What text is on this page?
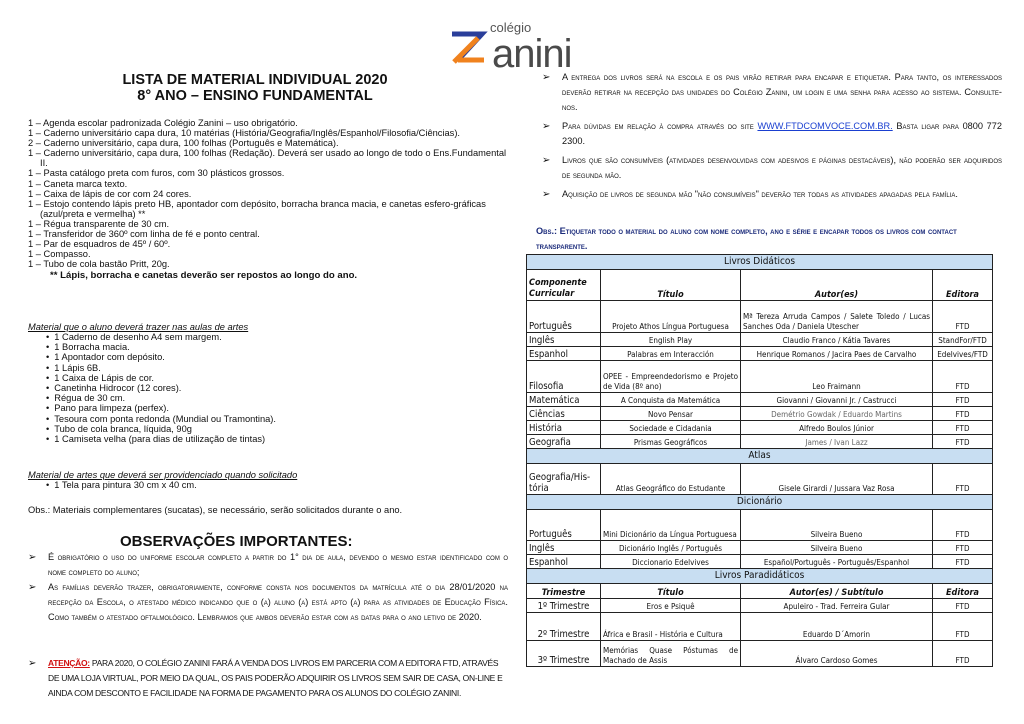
colégio
anini
LISTA DE MATERIAL INDIVIDUAL 2020
8° ANO – ENSINO FUNDAMENTAL
1 – Agenda escolar padronizada Colégio Zanini – uso obrigatório.
1 – Caderno universitário capa dura, 10 matérias (História/Geografia/Inglês/Espanhol/Filosofia/Ciências).
2 – Caderno universitário, capa dura, 100 folhas (Português e Matemática).
1 – Caderno universitário, capa dura, 100 folhas (Redação). Deverá ser usado ao longo de todo o Ens.Fundamental II.
1 – Pasta catálogo preta com furos, com 30 plásticos grossos.
1 – Caneta marca texto.
1 – Caixa de lápis de cor com 24 cores.
1 – Estojo contendo lápis preto HB, apontador com depósito, borracha branca macia, e canetas esfero-gráficas (azul/preta e vermelha) **
1 – Régua transparente de 30 cm.
1 – Transferidor de 360º com linha de fé e ponto central.
1 – Par de esquadros de 45º / 60º.
1 – Compasso.
1 – Tubo de cola bastão Pritt, 20g.
** Lápis, borracha e canetas deverão ser repostos ao longo do ano.
Material que o aluno deverá trazer nas aulas de artes
• 1 Caderno de desenho A4 sem margem.
• 1 Borracha macia.
• 1 Apontador com depósito.
• 1 Lápis 6B.
• 1 Caixa de Lápis de cor.
• Canetinha Hidrocor (12 cores).
• Régua de 30 cm.
• Pano para limpeza (perfex).
• Tesoura com ponta redonda (Mundial ou Tramontina).
• Tubo de cola branca, líquida, 90g
• 1 Camiseta velha (para dias de utilização de tintas)
Material de artes que deverá ser providenciado quando solicitado
• 1 Tela para pintura 30 cm x 40 cm.
Obs.: Materiais complementares (sucatas), se necessário, serão solicitados durante o ano.
OBSERVAÇÕES IMPORTANTES:
➢ É obrigatório o uso do uniforme escolar completo a partir do 1° dia de aula, devendo o mesmo estar identificado com o nome completo do aluno;
➢ As famílias deverão trazer, obrigatoriamente, conforme consta nos documentos da matrícula até o dia 28/01/2020 na recepção da Escola, o atestado médico indicando que o (a) aluno (a) está apto (a) para as atividades de Educação Física. Como também o atestado oftalmológico. Lembramos que ambos deverão estar com as datas para o ano letivo de 2020.
➢ ATENÇÃO: PARA 2020, O COLÉGIO ZANINI FARÁ A VENDA DOS LIVROS EM PARCERIA COM A EDITORA FTD, ATRAVÉS DE UMA LOJA VIRTUAL, POR MEIO DA QUAL, OS PAIS PODERÃO ADQUIRIR OS LIVROS SEM SAIR DE CASA, ON-LINE E AINDA COM DESCONTO E FACILIDADE NA FORMA DE PAGAMENTO PARA OS ALUNOS DO COLÉGIO ZANINI.
➢ A entrega dos livros será na escola e os pais virão retirar para encapar e etiquetar. Para tanto, os interessados deverão retirar na recepção das unidades do Colégio Zanini, um login e uma senha para acesso ao sistema. Consulte-nos.
➢ Para dúvidas em relação à compra através do site WWW.FTDCOMVOCE.COM.BR. Basta ligar para 0800 772 2300.
➢ Livros que são consumíveis (atividades desenvolvidas com adesivos e páginas destacáveis), não poderão ser adquiridos de segunda mão.
➢ Aquisição de livros de segunda mão "não consumíveis" deverão ter todas as atividades apagadas pela família.
Obs.: Etiquetar todo o material do aluno com nome completo, ano e série e encapar todos os livros com contact transparente.
Livros Didáticos			
Componente Curricular	Título	Autor(es)	Editora
Português	Projeto Athos Língua Portuguesa	Mª Tereza Arruda Campos / Salete Toledo / Lucas Sanches Oda / Daniela Utescher	FTD
Inglês	English Play	Claudio Franco / Kátia Tavares	StandFor/FTD
Espanhol	Palabras em Interacción	Henrique Romanos / Jacira Paes de Carvalho	Edelvives/FTD
Filosofia	OPEE - Empreendedorismo e Projeto de Vida (8º ano)	Leo Fraimann	FTD
Matemática	A Conquista da Matemática	Giovanni / Giovanni Jr. / Castrucci	FTD
Ciências	Novo Pensar	Demétrio Gowdak / Eduardo Martins	FTD
História	Sociedade e Cidadania	Alfredo Boulos Júnior	FTD
Geografia	Prismas Geográficos	James / Ivan Lazz	FTD
Atlas			
Geografia/His-tória	Atlas Geográfico do Estudante	Gisele Girardi / Jussara Vaz Rosa	FTD
Dicionário			
Português	Mini Dicionário da Língua Portuguesa	Silveira Bueno	FTD
Inglês	Dicionário Inglês / Português	Silveira Bueno	FTD
Espanhol	Diccionario Edelvives	Español/Português - Português/Espanhol	FTD
Livros Paradidáticos			
Trimestre	Título	Autor(es) / Subtítulo	Editora
1º Trimestre	Eros e Psiquê	Apuleiro - Trad. Ferreira Gular	FTD
2º Trimestre	África e Brasil - História e Cultura	Eduardo D´Amorin	FTD
3º Trimestre	Memórias Quase Póstumas de Machado de Assis	Álvaro Cardoso Gomes	FTD
